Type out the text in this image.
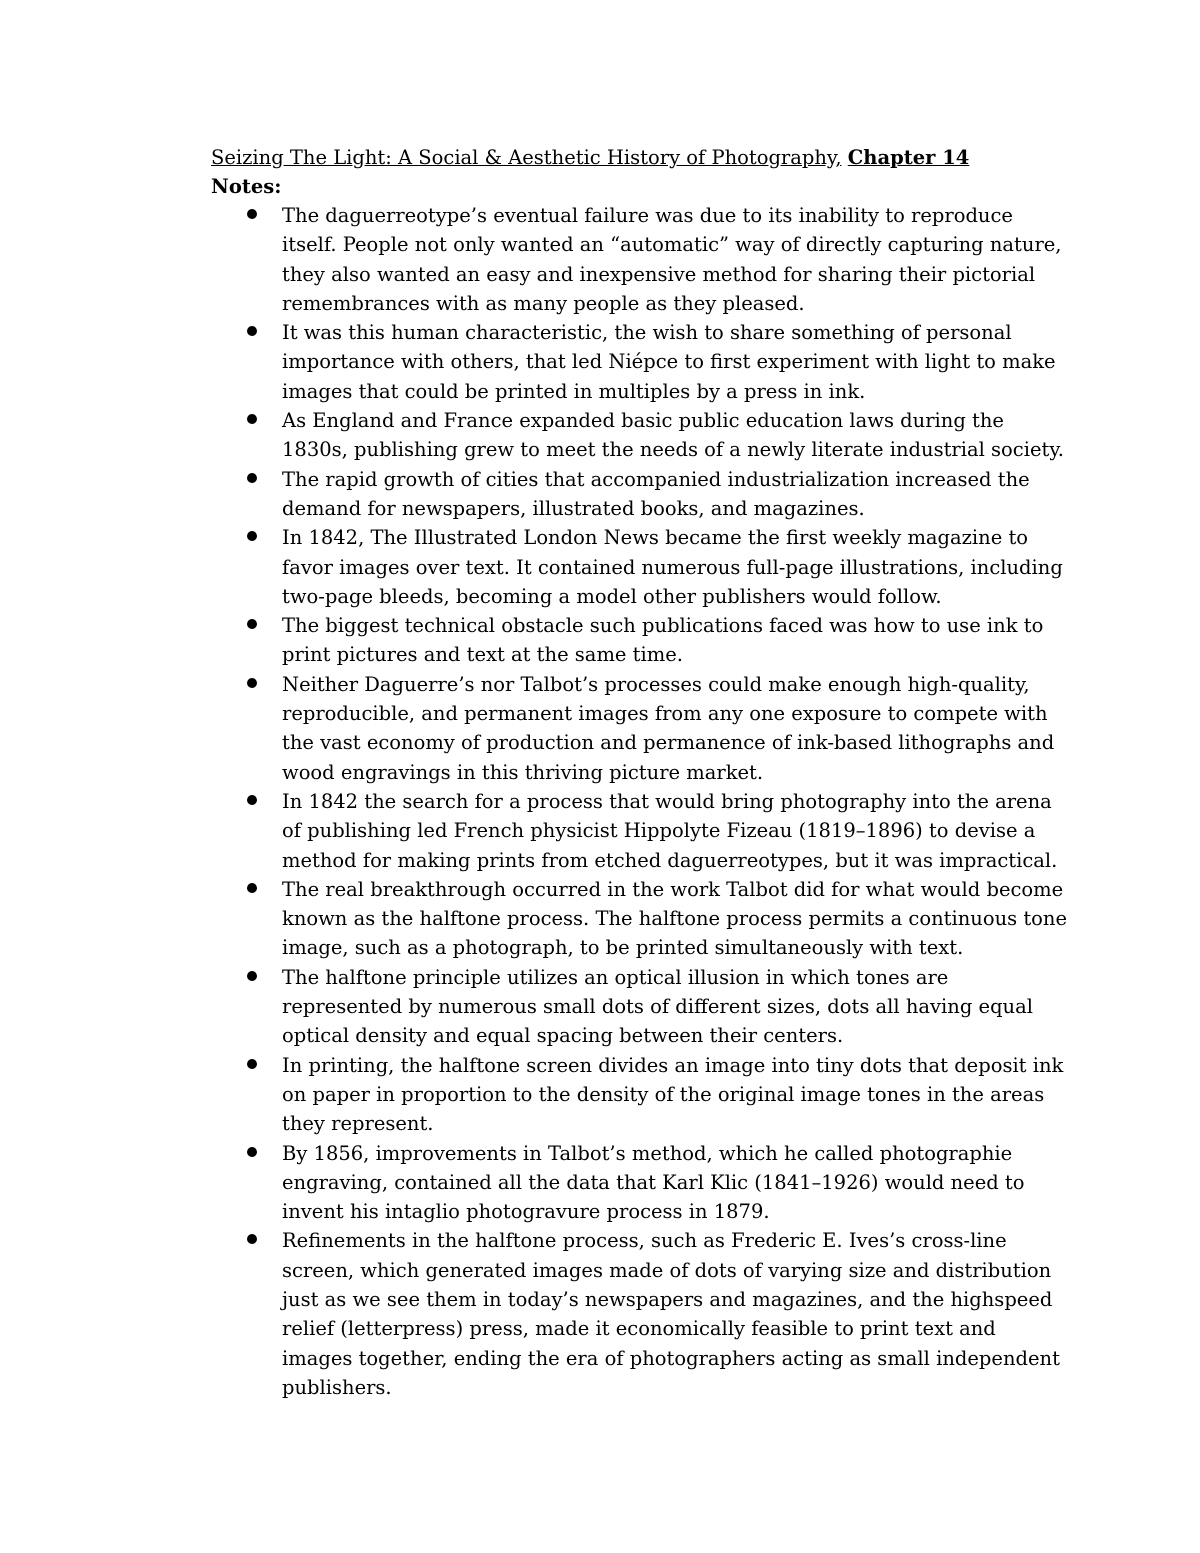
Seizing The Light: A Social & Aesthetic History of Photography, Chapter 14
Notes:
The daguerreotype’s eventual failure was due to its inability to reproduce itself. People not only wanted an “automatic” way of directly capturing nature, they also wanted an easy and inexpensive method for sharing their pictorial remembrances with as many people as they pleased.
It was this human characteristic, the wish to share something of personal importance with others, that led Niépce to first experiment with light to make images that could be printed in multiples by a press in ink.
As England and France expanded basic public education laws during the 1830s, publishing grew to meet the needs of a newly literate industrial society.
The rapid growth of cities that accompanied industrialization increased the demand for newspapers, illustrated books, and magazines.
In 1842, The Illustrated London News became the first weekly magazine to favor images over text. It contained numerous full-page illustrations, including two-page bleeds, becoming a model other publishers would follow.
The biggest technical obstacle such publications faced was how to use ink to print pictures and text at the same time.
Neither Daguerre’s nor Talbot’s processes could make enough high-quality, reproducible, and permanent images from any one exposure to compete with the vast economy of production and permanence of ink-based lithographs and wood engravings in this thriving picture market.
In 1842 the search for a process that would bring photography into the arena of publishing led French physicist Hippolyte Fizeau (1819–1896) to devise a method for making prints from etched daguerreotypes, but it was impractical.
The real breakthrough occurred in the work Talbot did for what would become known as the halftone process. The halftone process permits a continuous tone image, such as a photograph, to be printed simultaneously with text.
The halftone principle utilizes an optical illusion in which tones are represented by numerous small dots of different sizes, dots all having equal optical density and equal spacing between their centers.
In printing, the halftone screen divides an image into tiny dots that deposit ink on paper in proportion to the density of the original image tones in the areas they represent.
By 1856, improvements in Talbot’s method, which he called photographie engraving, contained all the data that Karl Klic (1841–1926) would need to invent his intaglio photogravure process in 1879.
Refinements in the halftone process, such as Frederic E. Ives’s cross-line screen, which generated images made of dots of varying size and distribution just as we see them in today’s newspapers and magazines, and the highspeed relief (letterpress) press, made it economically feasible to print text and images together, ending the era of photographers acting as small independent publishers.
